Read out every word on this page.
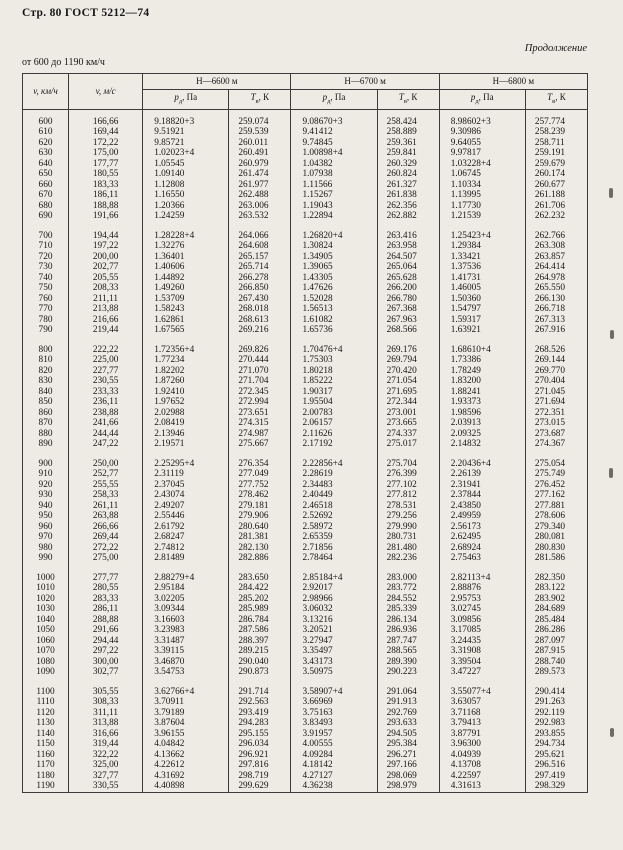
Стр. 80 ГОСТ 5212—74
Продолжение
от 600 до 1190 км/ч
v, км/ч	v, м/с	Н—6600 м		Н—6700 м		Н—6800 м	
		$р_д$, Па	$Т_в$, К	$р_д$, Па	$Т_в$, К	$р_д$, Па	$Т_в$, К
600	166,66	9.18820+3	259.074	9.08670+3	258.424	8.98602+3	257.774
610	169,44	9.51921	259.539	9.41412	258.889	9.30986	258.239
620	172,22	9.85721	260.011	9.74845	259.361	9.64055	258.711
630	175,00	1.02023+4	260.491	1.00898+4	259.841	9.97817	259.191
640	177,77	1.05545	260.979	1.04382	260.329	1.03228+4	259.679
650	180,55	1.09140	261.474	1.07938	260.824	1.06745	260.174
660	183,33	1.12808	261.977	1.11566	261.327	1.10334	260.677
670	186,11	1.16550	262.488	1.15267	261.838	1.13995	261.188
680	188,88	1.20366	263.006	1.19043	262.356	1.17730	261.706
690	191,66	1.24259	263.532	1.22894	262.882	1.21539	262.232

700	194,44	1.28228+4	264.066	1.26820+4	263.416	1.25423+4	262.766
710	197,22	1.32276	264.608	1.30824	263.958	1.29384	263.308
720	200,00	1.36401	265.157	1.34905	264.507	1.33421	263.857
730	202,77	1.40606	265.714	1.39065	265.064	1.37536	264.414
740	205,55	1.44892	266.278	1.43305	265.628	1.41731	264.978
750	208,33	1.49260	266.850	1.47626	266.200	1.46005	265.550
760	211,11	1.53709	267.430	1.52028	266.780	1.50360	266.130
770	213,88	1.58243	268.018	1.56513	267.368	1.54797	266.718
780	216,66	1.62861	268.613	1.61082	267.963	1.59317	267.313
790	219,44	1.67565	269.216	1.65736	268.566	1.63921	267.916

800	222,22	1.72356+4	269.826	1.70476+4	269.176	1.68610+4	268.526
810	225,00	1.77234	270.444	1.75303	269.794	1.73386	269.144
820	227,77	1.82202	271.070	1.80218	270.420	1.78249	269.770
830	230,55	1.87260	271.704	1.85222	271.054	1.83200	270.404
840	233,33	1.92410	272.345	1.90317	271.695	1.88241	271.045
850	236,11	1.97652	272.994	1.95504	272.344	1.93373	271.694
860	238,88	2.02988	273.651	2.00783	273.001	1.98596	272.351
870	241,66	2.08419	274.315	2.06157	273.665	2.03913	273.015
880	244,44	2.13946	274.987	2.11626	274.337	2.09325	273.687
890	247,22	2.19571	275.667	2.17192	275.017	2.14832	274.367

900	250,00	2.25295+4	276.354	2.22856+4	275.704	2.20436+4	275.054
910	252,77	2.31119	277.049	2.28619	276.399	2.26139	275.749
920	255,55	2.37045	277.752	2.34483	277.102	2.31941	276.452
930	258,33	2.43074	278.462	2.40449	277.812	2.37844	277.162
940	261,11	2.49207	279.181	2.46518	278.531	2.43850	277.881
950	263,88	2.55446	279.906	2.52692	279.256	2.49959	278.606
960	266,66	2.61792	280.640	2.58972	279.990	2.56173	279.340
970	269,44	2.68247	281.381	2.65359	280.731	2.62495	280.081
980	272,22	2.74812	282.130	2.71856	281.480	2.68924	280.830
990	275,00	2.81489	282.886	2.78464	282.236	2.75463	281.586

1000	277,77	2.88279+4	283.650	2.85184+4	283.000	2.82113+4	282.350
1010	280,55	2.95184	284.422	2.92017	283.772	2.88876	283.122
1020	283,33	3.02205	285.202	2.98966	284.552	2.95753	283.902
1030	286,11	3.09344	285.989	3.06032	285.339	3.02745	284.689
1040	288,88	3.16603	286.784	3.13216	286.134	3.09856	285.484
1050	291,66	3.23983	287.586	3.20521	286.936	3.17085	286.286
1060	294,44	3.31487	288.397	3.27947	287.747	3.24435	287.097
1070	297,22	3.39115	289.215	3.35497	288.565	3.31908	287.915
1080	300,00	3.46870	290.040	3.43173	289.390	3.39504	288.740
1090	302,77	3.54753	290.873	3.50975	290.223	3.47227	289.573

1100	305,55	3.62766+4	291.714	3.58907+4	291.064	3.55077+4	290.414
1110	308,33	3.70911	292.563	3.66969	291.913	3.63057	291.263
1120	311,11	3.79189	293.419	3.75163	292.769	3.71168	292.119
1130	313,88	3.87604	294.283	3.83493	293.633	3.79413	292.983
1140	316,66	3.96155	295.155	3.91957	294.505	3.87791	293.855
1150	319,44	4.04842	296.034	4.00555	295.384	3.96300	294.734
1160	322,22	4.13662	296.921	4.09284	296.271	4.04939	295.621
1170	325,00	4.22612	297.816	4.18142	297.166	4.13708	296.516
1180	327,77	4.31692	298.719	4.27127	298.069	4.22597	297.419
1190	330,55	4.40898	299.629	4.36238	298.979	4.31613	298.329
